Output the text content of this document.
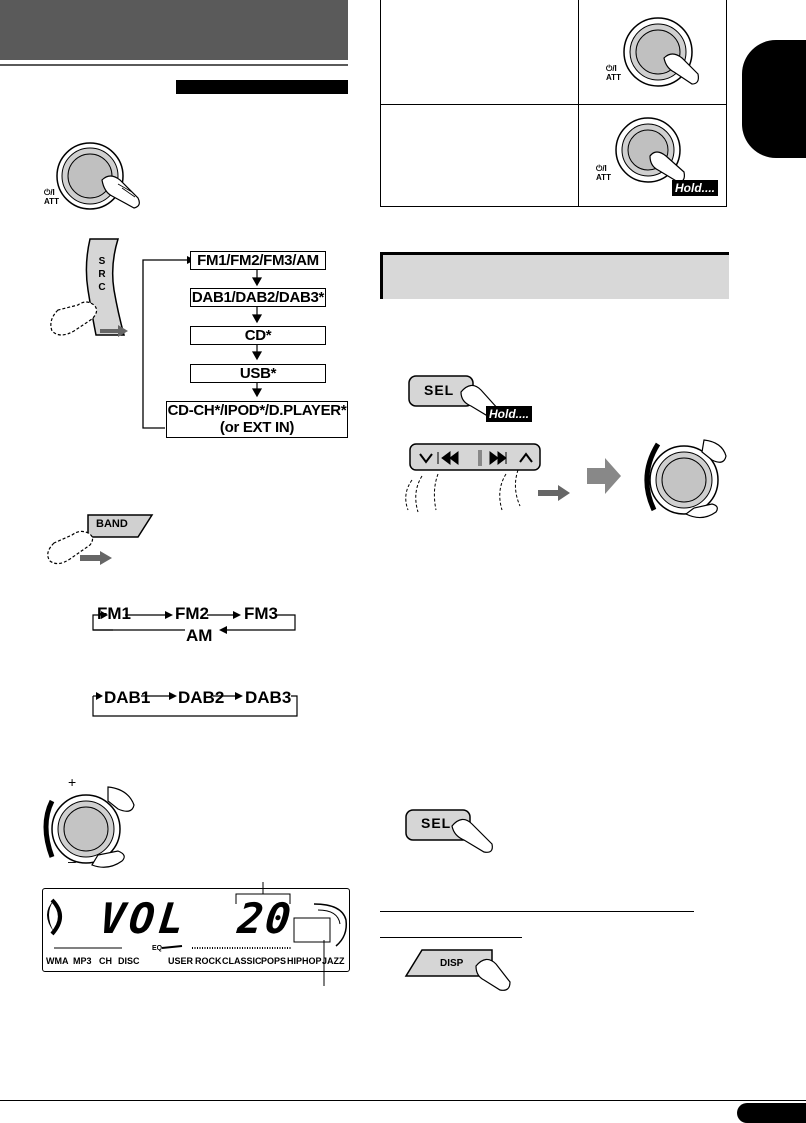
⏻/I
ATT
S
R
C
FM1/FM2/FM3/AM
DAB1/DAB2/DAB3*
CD*
USB*
CD-CH*/IPOD*/D.PLAYER*
(or EXT IN)
BAND
FM1	FM2 FM3
AM
DAB1 DAB2 DAB3
+
–
VOL 20
WMA MP3 CH DISC
EQ
USER ROCK CLASSIC POPS HIPHOP JAZZ
⏻/I
ATT
⏻/I
ATT
Hold....
SEL
Hold....
SEL
DISP
